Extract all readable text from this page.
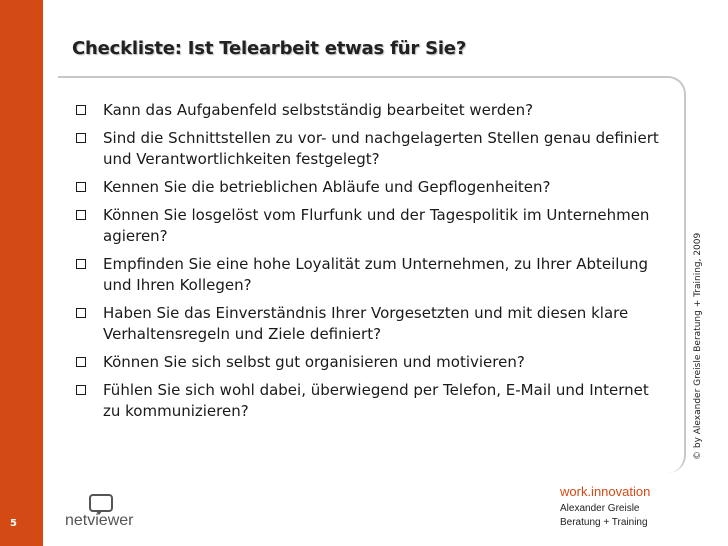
5
Checkliste: Ist Telearbeit etwas für Sie?
Kann das Aufgabenfeld selbstständig bearbeitet werden?
Sind die Schnittstellen zu vor- und nachgelagerten Stellen genau definiert und Verantwortlichkeiten festgelegt?
Kennen Sie die betrieblichen Abläufe und Gepflogenheiten?
Können Sie losgelöst vom Flurfunk und der Tagespolitik im Unternehmen agieren?
Empfinden Sie eine hohe Loyalität zum Unternehmen, zu Ihrer Abteilung und Ihren Kollegen?
Haben Sie das Einverständnis Ihrer Vorgesetzten und mit diesen klare Verhaltensregeln und Ziele definiert?
Können Sie sich selbst gut organisieren und motivieren?
Fühlen Sie sich wohl dabei, überwiegend per Telefon, E-Mail und Internet zu kommunizieren?	© by Alexander Greisle Beratung + Training, 2009
netviewer
work.innovation
Alexander Greisle
Beratung + Training
